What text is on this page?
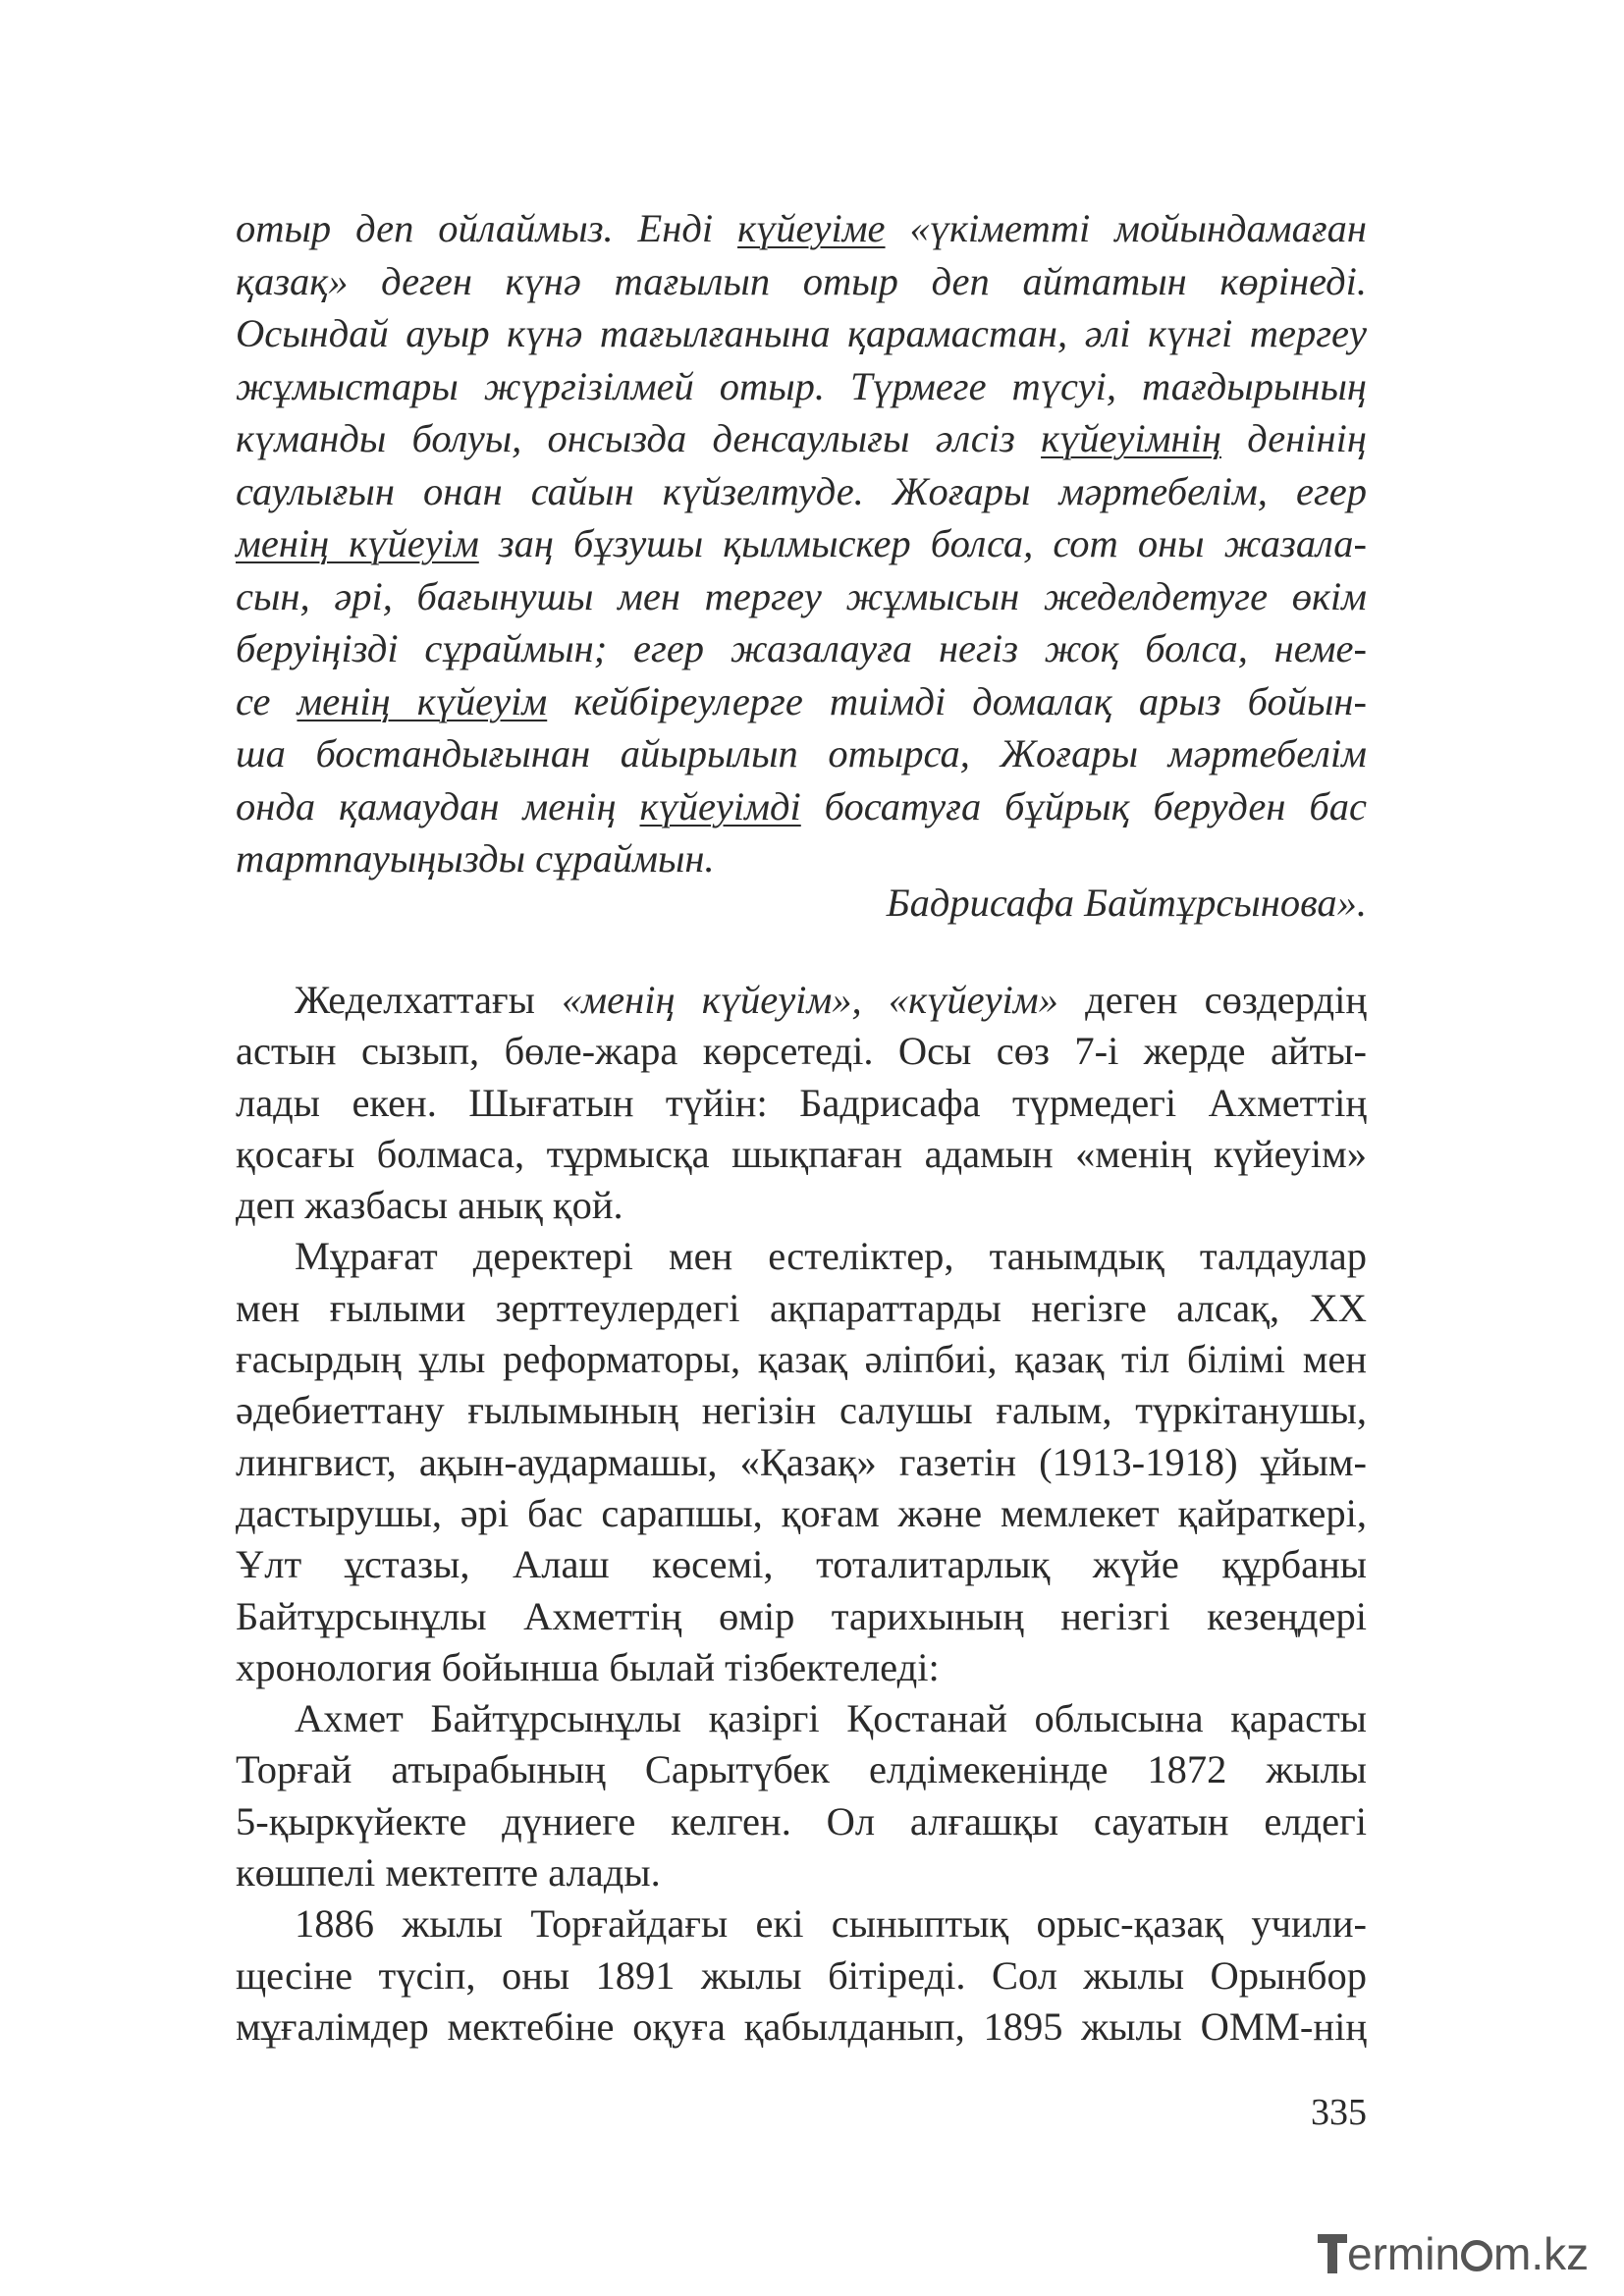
отыр деп ойлаймыз. Енді күйеуіме «үкіметті мойындамаған
қазақ» деген күнә тағылып отыр деп айтатын көрінеді.
Осындай ауыр күнә тағылғанына қарамастан, әлі күнгі тергеу
жұмыстары жүргізілмей отыр. Түрмеге түсуі, тағдырының
күманды болуы, онсызда денсаулығы әлсіз күйеуімнің денінің
саулығын онан сайын күйзелтуде. Жоғары мәртебелім, егер
менің күйеуім заң бұзушы қылмыскер болса, сот оны жазала-
сын, әрі, бағынушы мен тергеу жұмысын жеделдетуге өкім
беруіңізді сұраймын; егер жазалауға негіз жоқ болса, неме-
се менің күйеуім кейбіреулерге тиімді домалақ арыз бойын-
ша бостандығынан айырылып отырса, Жоғары мәртебелім
онда қамаудан менің күйеуімді босатуға бұйрық беруден бас
тартпауыңызды сұраймын.
Бадрисафа Байтұрсынова».
Жеделхаттағы «менің күйеуім», «күйеуім» деген сөздердің
астын сызып, бөле-жара көрсетеді. Осы сөз 7-і жерде айты-
лады екен. Шығатын түйін: Бадрисафа түрмедегі Ахметтің
қосағы болмаса, тұрмысқа шықпаған адамын «менің күйеуім»
деп жазбасы анық қой.
Мұрағат деректері мен естеліктер, танымдық талдаулар
мен ғылыми зерттеулердегі ақпараттарды негізге алсақ, ХХ
ғасырдың ұлы реформаторы, қазақ әліпбиі, қазақ тіл білімі мен
әдебиеттану ғылымының негізін салушы ғалым, түркітанушы,
лингвист, ақын-аудармашы, «Қазақ» газетін (1913-1918) ұйым-
дастырушы, әрі бас сарапшы, қоғам және мемлекет қайраткері,
Ұлт ұстазы, Алаш көсемі, тоталитарлық жүйе құрбаны
Байтұрсынұлы Ахметтің өмір тарихының негізгі кезеңдері
хронология бойынша былай тізбектеледі:
Ахмет Байтұрсынұлы қазіргі Қостанай облысына қарасты
Торғай атырабының Сарытүбек елдімекенінде 1872 жылы
5-қыркүйекте дүниеге келген. Ол алғашқы сауатын елдегі
көшпелі мектепте алады.
1886 жылы Торғайдағы екі сыныптық орыс-қазақ учили-
щесіне түсіп, оны 1891 жылы бітіреді. Сол жылы Орынбор
мұғалімдер мектебіне оқуға қабылданып, 1895 жылы ОММ-нің
335
ermin m.kz
